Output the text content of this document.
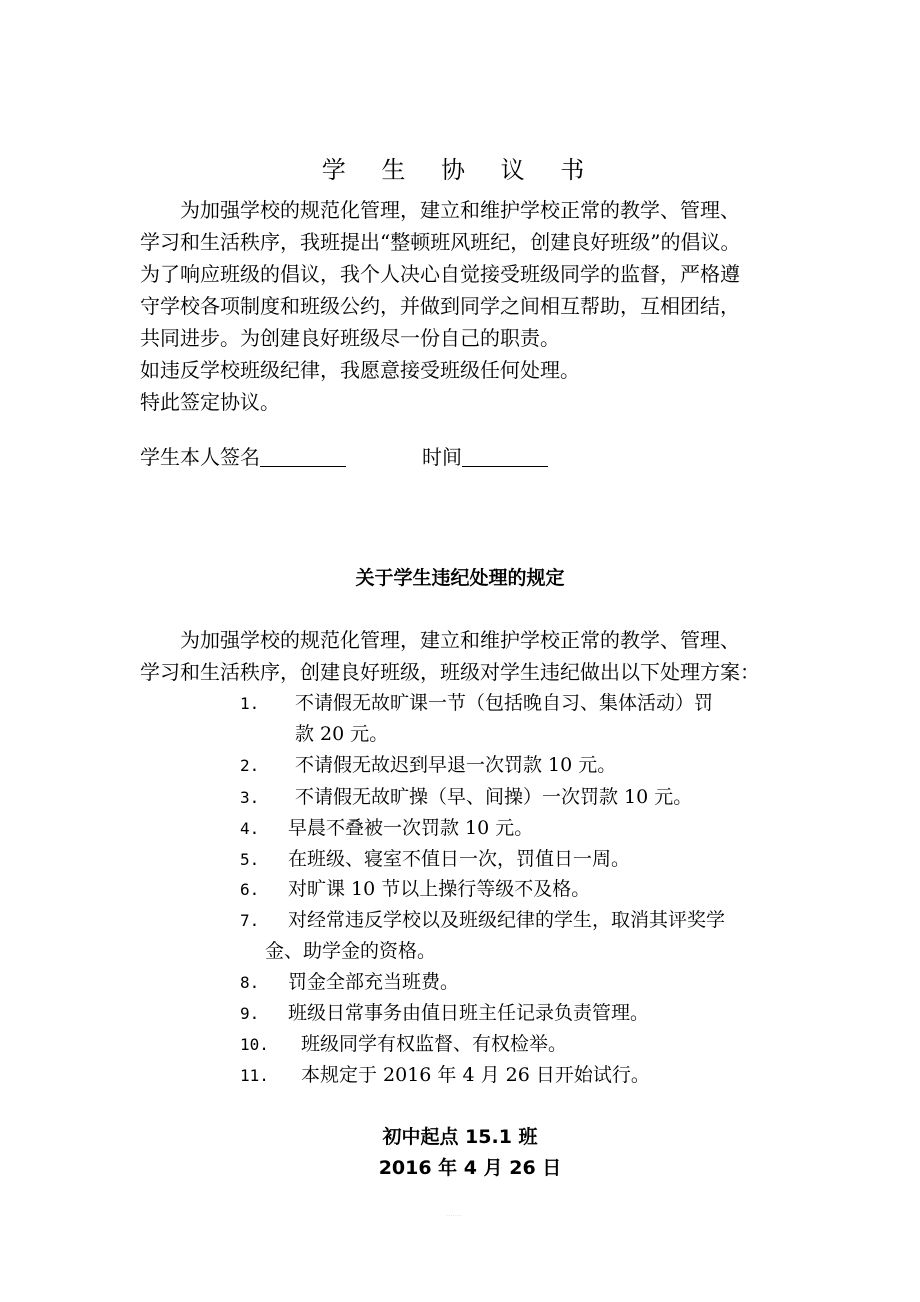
学 生 协 议 书
为加强学校的规范化管理，建立和维护学校正常的教学、管理、
学习和生活秩序，我班提出“整顿班风班纪，创建良好班级”的倡议。
为了响应班级的倡议，我个人决心自觉接受班级同学的监督，严格遵
守学校各项制度和班级公约，并做到同学之间相互帮助，互相团结，
共同进步。为创建良好班级尽一份自己的职责。
如违反学校班级纪律，我愿意接受班级任何处理。
特此签定协议。
学生本人签名	时间
关于学生违纪处理的规定
为加强学校的规范化管理，建立和维护学校正常的教学、管理、
学习和生活秩序，创建良好班级，班级对学生违纪做出以下处理方案：
1. 不请假无故旷课一节（包括晚自习、集体活动）罚
款 20 元。
2. 不请假无故迟到早退一次罚款 10 元。
3. 不请假无故旷操（早、间操）一次罚款 10 元。
4. 早晨不叠被一次罚款 10 元。
5. 在班级、寝室不值日一次，罚值日一周。
6. 对旷课 10 节以上操行等级不及格。
7. 对经常违反学校以及班级纪律的学生，取消其评奖学
金、助学金的资格。
8. 罚金全部充当班费。
9. 班级日常事务由值日班主任记录负责管理。
10. 班级同学有权监督、有权检举。
11. 本规定于 2016 年 4 月 26 日开始试行。
初中起点 15.1 班
2016 年 4 月 26 日
·······
